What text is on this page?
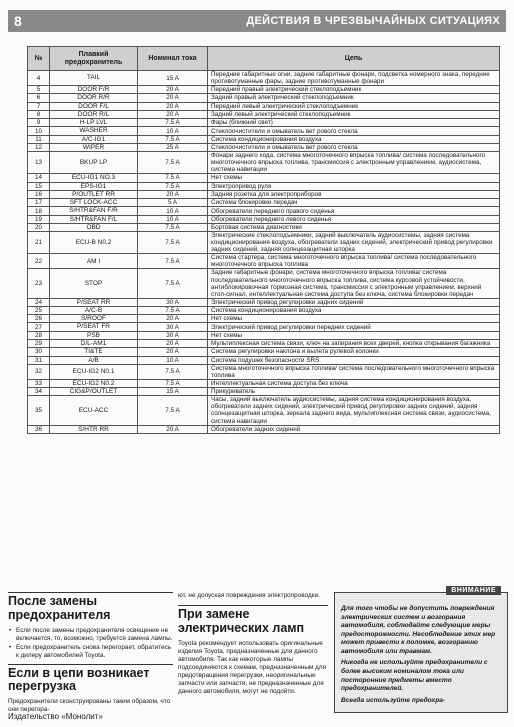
8	ДЕЙСТВИЯ В ЧРЕЗВЫЧАЙНЫХ СИТУАЦИЯХ
№	Плавкий предохранитель	Номинал тока	Цепь
4	TAIL	15 A	Передние габаритные огни, задние габаритные фонари, подсветка номерного знака, передние противотуманные фары, задние противотуманные фонари
5	DOOR F/R	20 A	Передний правый электрический стеклоподъемник
6	DOOR R/R	20 A	Задний правый электрический стеклоподъемник
7	DOOR F/L	20 A	Передний левый электрический стеклоподъемник
8	DOOR R/L	20 A	Задний левый электрический стеклоподъемник
9	H-LP LVL	7.5 A	Фары (ближний свет)
10	WASHER	10 A	Стеклоочистители и омыватель вет рового стекла
11	A/C-IG1	7.5 A	Система кондиционирования воздуха
12	WIPER	25 A	Стеклоочистители и омыватель вет рового стекла
13	BKUP LP	7.5 A	Фонари заднего хода, система многоточечного впрыска топлива/ система последовательного многоточечного впрыска топлива, трансмиссия с электронным управлением, аудиосистема, система навигации
14	ECU-IG1 NO.3	7.5 A	Нет схемы
15	EPS-IG1	7.5 A	Электропривод руля
16	P/OUTLET RR	20 A	Задняя розетка для электроприборов
17	SFT LOCK-ACC	5 A	Система блокировки передач
18	S/HTR&FAN F/R	10 A	Обогреватели переднего правого сиденья
19	S/HTR&FAN F/L	10 A	Обогреватели переднего левого сиденья
20	OBD	7.5 A	Бортовая система диагностики
21	ECU-B N0.2	7.5 A	Электрические стеклоподъемники, задний выключатель аудиосистемы, задняя система кондиционирования воздуха, обогреватели задних сидений, электрический привод регулировки задних сидений, задняя солнцезащитная шторка
22	AM I	7.5 A	Система стартера, система многоточечного впрыска топлива/ система последовательного многоточечного впрыска топлива
23	STOP	7.5 A	Задние габаритные фонари, система многоточечного впрыска топлива/ система последовательного многоточечного впрыска топлива, система курсовой устойчивости, антиблокировочная тормозная система, трансмиссия с электронным управлением, верхний стоп-сигнал, интеллектуальная система доступа без ключа, система блокировки передач
24	P/SEAT RR	30 A	Электрический привод регулировки задних сидений
25	A/C-B	7.5 A	Система кондиционирования воздуха
26	S/ROOF	20 A	Нет схемы
27	P/SEAT FR	30 A	Электрический привод регулировки передних сидений
28	PSB	30 A	Нет схемы
29	D/L-AM1	20 A	Мультиплексная система связи, ключ на запирания всех дверей, кнопка открывания багажника
30	TI&TE	20 A	Система регулировки наклона и вылета рулевой колонки
31	A/B	10 A	Система подушек безопасности SRS
32	ECU-IG2 N0.1	7.5 A	Система многоточечного впрыска топлива/ система последовательного многоточечного впрыска топлива
33	ECU-IG2 N0.2	7.5 A	Интеллектуальная система доступа без ключа
34	CIG&P/OUTLET	15 A	Прикуриватель
35	ECU-ACC	7.5 A	Часы, задний выключатель аудиосистемы, задняя система кондиционирования воздуха, обогреватели задних сидений, электрический привод регулировки задних сидений, задняя солнцезащитная шторка, зеркала заднего вида, мультиплексная система связи, аудиосистема, система навигации
36	S/HTR RR	20 A	Обогреватели задних сидений
После замены предохранителя
• Если после замены предохранителя освещение не включается, то, возможно, требуется замена лампы.
• Если предохранитель снова перегорает, обратитесь к дилеру автомобилей Toyota.
Если в цепи возникает перегрузка
Предохранители сконструированы таким образом, что они перегора-
ют, не допуская повреждения электропроводки.
При замене электрических ламп
Toyota рекомендует использовать оригинальные изделия Toyota, предназначенные для данного автомобиля. Так как некоторые лампы подсоединяются к схемам, предназначенным для предотвращения перегрузки, неоригинальные запчасти или запчасти, не предназначенные для данного автомобиля, могут не подойти.
ВНИМАНИЕ
Для того чтобы не допустить повреждения электрических систем и возгорания автомобиля, соблюдайте следующие меры предосторожности. Несоблюдение этих мер может привести к поломке, возгоранию автомобиля или травмам.
Никогда не используйте предохранители с более высоким номиналом тока или посторонние предметы вместо предохранителей.
Всегда используйте предохра-
Издательство «Монолит»
